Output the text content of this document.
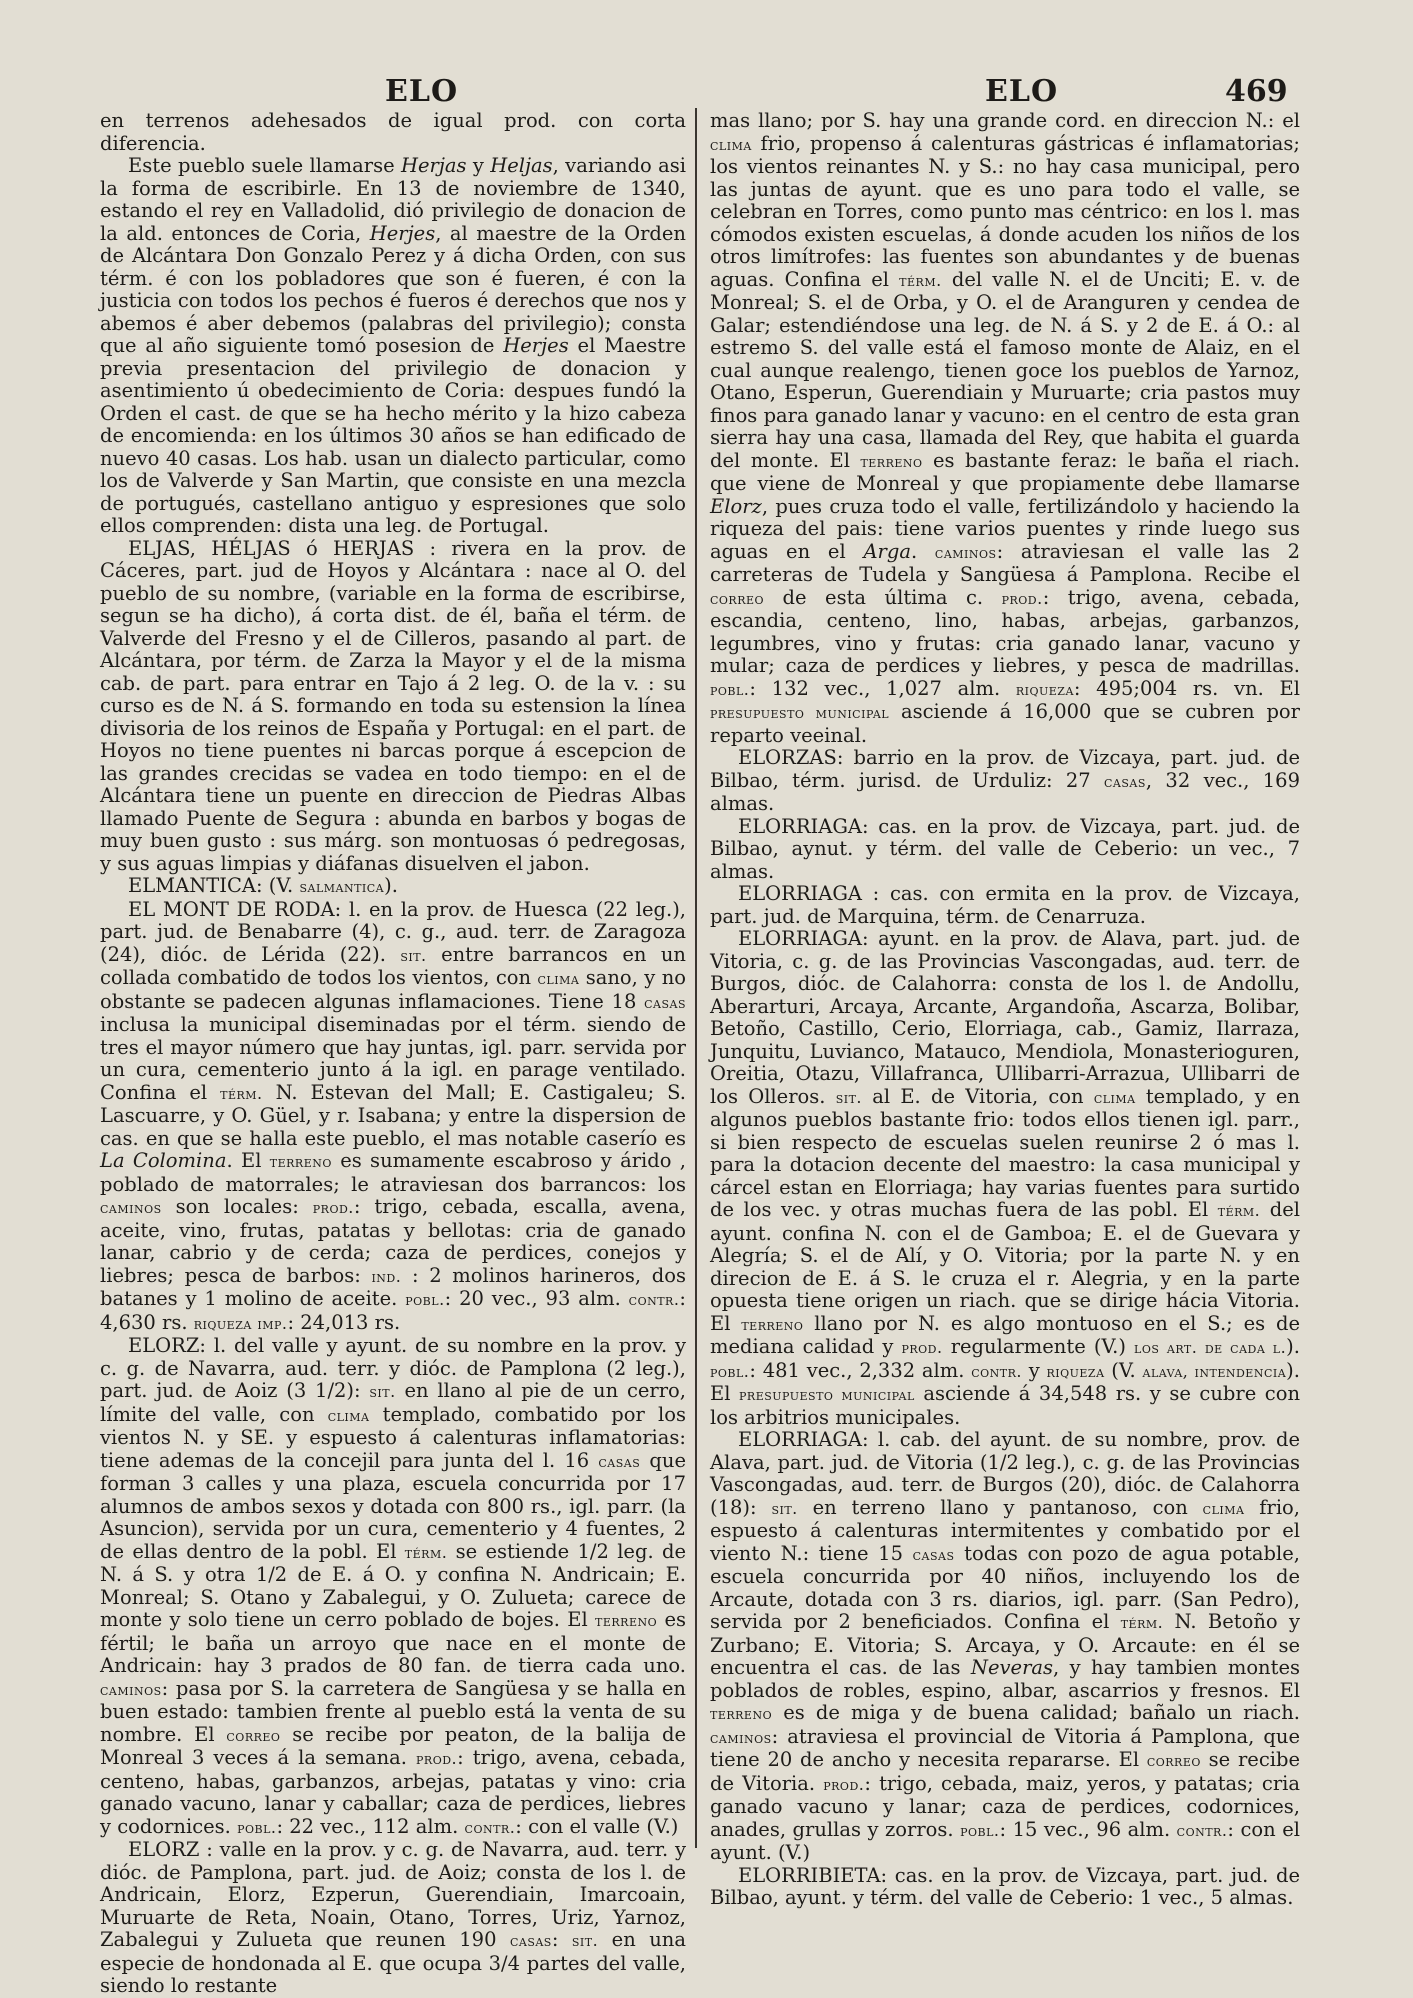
ELO	ELO	469

en terrenos adehesados de igual prod. con corta diferencia.

Este pueblo suele llamarse Herjas y Heljas, variando asi la forma de escribirle. En 13 de noviembre de 1340, estando el rey en Valladolid, dió privilegio de donacion de la ald. entonces de Coria, Herjes, al maestre de la Orden de Alcántara Don Gonzalo Perez y á dicha Orden, con sus térm. é con los pobladores que son é fueren, é con la justicia con todos los pechos é fueros é derechos que nos y abemos é aber debemos (palabras del privilegio); consta que al año siguiente tomó posesion de Herjes el Maestre previa presentacion del privilegio de donacion y asentimiento ú obedecimiento de Coria: despues fundó la Orden el cast. de que se ha hecho mérito y la hizo cabeza de encomienda: en los últimos 30 años se han edificado de nuevo 40 casas. Los hab. usan un dialecto particular, como los de Valverde y San Martin, que consiste en una mezcla de portugués, castellano antiguo y espresiones que solo ellos comprenden: dista una leg. de Portugal.

ELJAS, HÉLJAS ó HERJAS : rivera en la prov. de Cáceres, part. jud de Hoyos y Alcántara : nace al O. del pueblo de su nombre, (variable en la forma de escribirse, segun se ha dicho), á corta dist. de él, baña el térm. de Valverde del Fresno y el de Cilleros, pasando al part. de Alcántara, por térm. de Zarza la Mayor y el de la misma cab. de part. para entrar en Tajo á 2 leg. O. de la v. : su curso es de N. á S. formando en toda su estension la línea divisoria de los reinos de España y Portugal: en el part. de Hoyos no tiene puentes ni barcas porque á escepcion de las grandes crecidas se vadea en todo tiempo: en el de Alcántara tiene un puente en direccion de Piedras Albas llamado Puente de Segura : abunda en barbos y bogas de muy buen gusto : sus márg. son montuosas ó pedregosas, y sus aguas limpias y diáfanas disuelven el jabon.

ELMANTICA: (V. salmantica).

EL MONT DE RODA: l. en la prov. de Huesca (22 leg.), part. jud. de Benabarre (4), c. g., aud. terr. de Zaragoza (24), dióc. de Lérida (22). sit. entre barrancos en un collada combatido de todos los vientos, con clima sano, y no obstante se padecen algunas inflamaciones. Tiene 18 casas inclusa la municipal diseminadas por el térm. siendo de tres el mayor número que hay juntas, igl. parr. servida por un cura, cementerio junto á la igl. en parage ventilado. Confina el térm. N. Estevan del Mall; E. Castigaleu; S. Lascuarre, y O. Güel, y r. Isabana; y entre la dispersion de cas. en que se halla este pueblo, el mas notable caserío es La Colomina. El terreno es sumamente escabroso y árido , poblado de matorrales; le atraviesan dos barrancos: los caminos son locales: prod.: trigo, cebada, escalla, avena, aceite, vino, frutas, patatas y bellotas: cria de ganado lanar, cabrio y de cerda; caza de perdices, conejos y liebres; pesca de barbos: ind. : 2 molinos harineros, dos batanes y 1 molino de aceite. pobl.: 20 vec., 93 alm. contr.: 4,630 rs. riqueza imp.: 24,013 rs.

ELORZ: l. del valle y ayunt. de su nombre en la prov. y c. g. de Navarra, aud. terr. y dióc. de Pamplona (2 leg.), part. jud. de Aoiz (3 1/2): sit. en llano al pie de un cerro, límite del valle, con clima templado, combatido por los vientos N. y SE. y espuesto á calenturas inflamatorias: tiene ademas de la concejil para junta del l. 16 casas que forman 3 calles y una plaza, escuela concurrida por 17 alumnos de ambos sexos y dotada con 800 rs., igl. parr. (la Asuncion), servida por un cura, cementerio y 4 fuentes, 2 de ellas dentro de la pobl. El térm. se estiende 1/2 leg. de N. á S. y otra 1/2 de E. á O. y confina N. Andricain; E. Monreal; S. Otano y Zabalegui, y O. Zulueta; carece de monte y solo tiene un cerro poblado de bojes. El terreno es fértil; le baña un arroyo que nace en el monte de Andricain: hay 3 prados de 80 fan. de tierra cada uno. caminos: pasa por S. la carretera de Sangüesa y se halla en buen estado: tambien frente al pueblo está la venta de su nombre. El correo se recibe por peaton, de la balija de Monreal 3 veces á la semana. prod.: trigo, avena, cebada, centeno, habas, garbanzos, arbejas, patatas y vino: cria ganado vacuno, lanar y caballar; caza de perdices, liebres y codornices. pobl.: 22 vec., 112 alm. contr.: con el valle (V.)

ELORZ : valle en la prov. y c. g. de Navarra, aud. terr. y dióc. de Pamplona, part. jud. de Aoiz; consta de los l. de Andricain, Elorz, Ezperun, Guerendiain, Imarcoain, Muruarte de Reta, Noain, Otano, Torres, Uriz, Yarnoz, Zabalegui y Zulueta que reunen 190 casas: sit. en una especie de hondonada al E. que ocupa 3/4 partes del valle, siendo lo restante

mas llano; por S. hay una grande cord. en direccion N.: el clima frio, propenso á calenturas gástricas é inflamatorias; los vientos reinantes N. y S.: no hay casa municipal, pero las juntas de ayunt. que es uno para todo el valle, se celebran en Torres, como punto mas céntrico: en los l. mas cómodos existen escuelas, á donde acuden los niños de los otros limítrofes: las fuentes son abundantes y de buenas aguas. Confina el térm. del valle N. el de Unciti; E. v. de Monreal; S. el de Orba, y O. el de Aranguren y cendea de Galar; estendiéndose una leg. de N. á S. y 2 de E. á O.: al estremo S. del valle está el famoso monte de Alaiz, en el cual aunque realengo, tienen goce los pueblos de Yarnoz, Otano, Esperun, Guerendiain y Muruarte; cria pastos muy finos para ganado lanar y vacuno: en el centro de esta gran sierra hay una casa, llamada del Rey, que habita el guarda del monte. El terreno es bastante feraz: le baña el riach. que viene de Monreal y que propiamente debe llamarse Elorz, pues cruza todo el valle, fertilizándolo y haciendo la riqueza del pais: tiene varios puentes y rinde luego sus aguas en el Arga. caminos: atraviesan el valle las 2 carreteras de Tudela y Sangüesa á Pamplona. Recibe el correo de esta última c. prod.: trigo, avena, cebada, escandia, centeno, lino, habas, arbejas, garbanzos, legumbres, vino y frutas: cria ganado lanar, vacuno y mular; caza de perdices y liebres, y pesca de madrillas. pobl.: 132 vec., 1,027 alm. riqueza: 495;004 rs. vn. El presupuesto municipal asciende á 16,000 que se cubren por reparto veeinal.

ELORZAS: barrio en la prov. de Vizcaya, part. jud. de Bilbao, térm. jurisd. de Urduliz: 27 casas, 32 vec., 169 almas.

ELORRIAGA: cas. en la prov. de Vizcaya, part. jud. de Bilbao, aynut. y térm. del valle de Ceberio: un vec., 7 almas.

ELORRIAGA : cas. con ermita en la prov. de Vizcaya, part. jud. de Marquina, térm. de Cenarruza.

ELORRIAGA: ayunt. en la prov. de Alava, part. jud. de Vitoria, c. g. de las Provincias Vascongadas, aud. terr. de Burgos, dióc. de Calahorra: consta de los l. de Andollu, Aberarturi, Arcaya, Arcante, Argandoña, Ascarza, Bolibar, Betoño, Castillo, Cerio, Elorriaga, cab., Gamiz, Ilarraza, Junquitu, Luvianco, Matauco, Mendiola, Monasterioguren, Oreitia, Otazu, Villafranca, Ullibarri-Arrazua, Ullibarri de los Olleros. sit. al E. de Vitoria, con clima templado, y en algunos pueblos bastante frio: todos ellos tienen igl. parr., si bien respecto de escuelas suelen reunirse 2 ó mas l. para la dotacion decente del maestro: la casa municipal y cárcel estan en Elorriaga; hay varias fuentes para surtido de los vec. y otras muchas fuera de las pobl. El térm. del ayunt. confina N. con el de Gamboa; E. el de Guevara y Alegría; S. el de Alí, y O. Vitoria; por la parte N. y en direcion de E. á S. le cruza el r. Alegria, y en la parte opuesta tiene origen un riach. que se dirige hácia Vitoria. El terreno llano por N. es algo montuoso en el S.; es de mediana calidad y prod. regularmente (V.) los art. de cada l.). pobl.: 481 vec., 2,332 alm. contr. y riqueza (V. alava, intendencia). El presupuesto municipal asciende á 34,548 rs. y se cubre con los arbitrios municipales.

ELORRIAGA: l. cab. del ayunt. de su nombre, prov. de Alava, part. jud. de Vitoria (1/2 leg.), c. g. de las Provincias Vascongadas, aud. terr. de Burgos (20), dióc. de Calahorra (18): sit. en terreno llano y pantanoso, con clima frio, espuesto á calenturas intermitentes y combatido por el viento N.: tiene 15 casas todas con pozo de agua potable, escuela concurrida por 40 niños, incluyendo los de Arcaute, dotada con 3 rs. diarios, igl. parr. (San Pedro), servida por 2 beneficiados. Confina el térm. N. Betoño y Zurbano; E. Vitoria; S. Arcaya, y O. Arcaute: en él se encuentra el cas. de las Neveras, y hay tambien montes poblados de robles, espino, albar, ascarrios y fresnos. El terreno es de miga y de buena calidad; bañalo un riach. caminos: atraviesa el provincial de Vitoria á Pamplona, que tiene 20 de ancho y necesita repararse. El correo se recibe de Vitoria. prod.: trigo, cebada, maiz, yeros, y patatas; cria ganado vacuno y lanar; caza de perdices, codornices, anades, grullas y zorros. pobl.: 15 vec., 96 alm. contr.: con el ayunt. (V.)

ELORRIBIETA: cas. en la prov. de Vizcaya, part. jud. de Bilbao, ayunt. y térm. del valle de Ceberio: 1 vec., 5 almas.
